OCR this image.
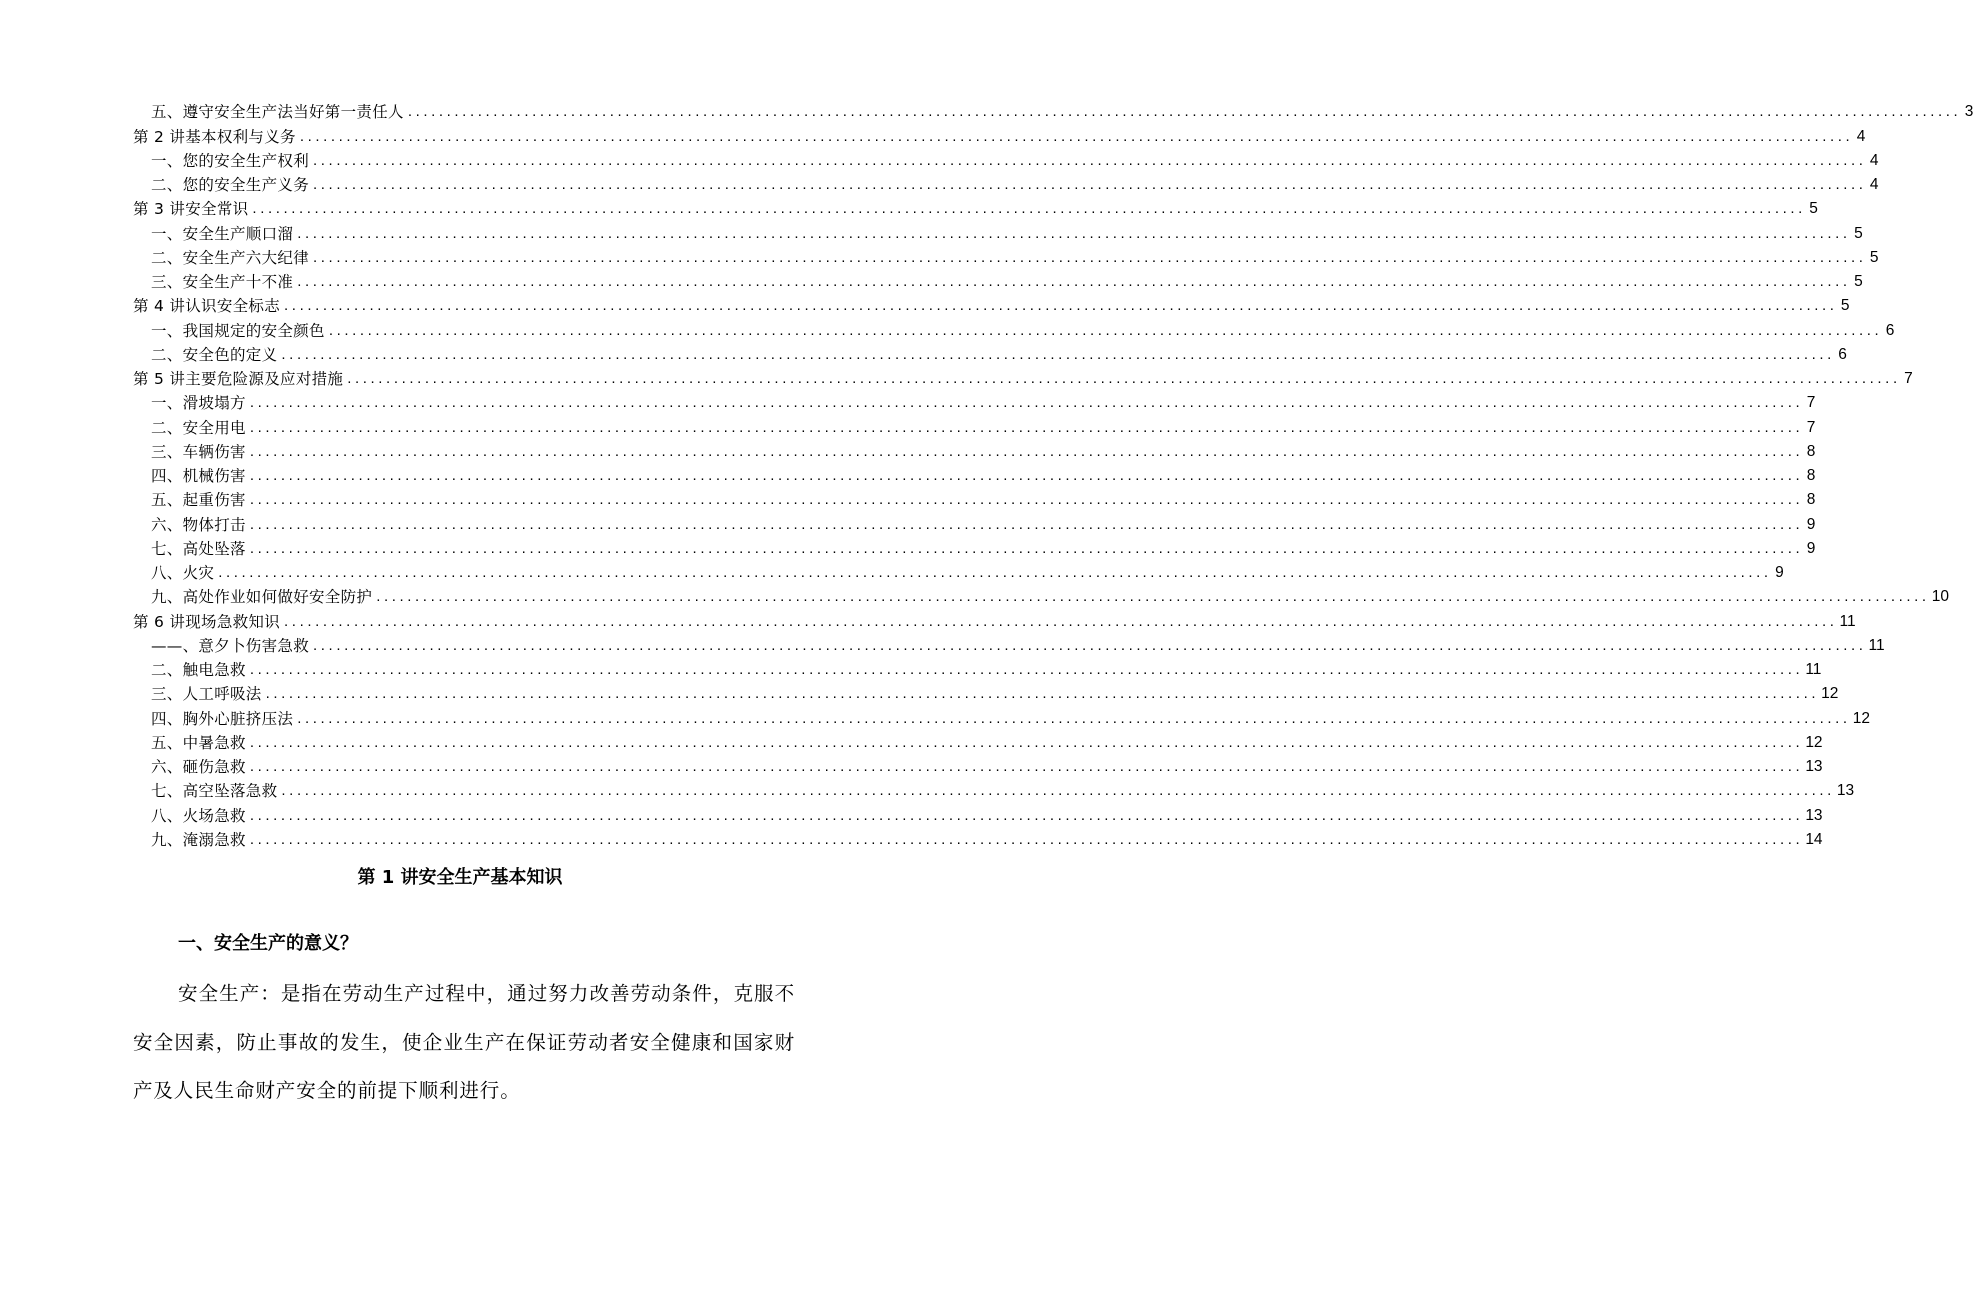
五、遵守安全生产法当好第一责任人 ........................................................................................................................................................................................................ 3
第 2 讲基本权利与义务 ........................................................................................................................................................................................................ 4
一、您的安全生产权利 ........................................................................................................................................................................................................ 4
二、您的安全生产义务 ........................................................................................................................................................................................................ 4
第 3 讲安全常识 ........................................................................................................................................................................................................ 5
一、安全生产顺口溜 ........................................................................................................................................................................................................ 5
二、安全生产六大纪律 ........................................................................................................................................................................................................ 5
三、安全生产十不准 ........................................................................................................................................................................................................ 5
第 4 讲认识安全标志 ........................................................................................................................................................................................................ 5
一、我国规定的安全颜色 ........................................................................................................................................................................................................ 6
二、安全色的定义 ........................................................................................................................................................................................................ 6
第 5 讲主要危险源及应对措施 ........................................................................................................................................................................................................ 7
一、滑坡塌方 ........................................................................................................................................................................................................ 7
二、安全用电 ........................................................................................................................................................................................................ 7
三、车辆伤害 ........................................................................................................................................................................................................ 8
四、机械伤害 ........................................................................................................................................................................................................ 8
五、起重伤害 ........................................................................................................................................................................................................ 8
六、物体打击 ........................................................................................................................................................................................................ 9
七、高处坠落 ........................................................................................................................................................................................................ 9
八、火灾 ........................................................................................................................................................................................................ 9
九、高处作业如何做好安全防护 ........................................................................................................................................................................................................ 10
第 6 讲现场急救知识 ........................................................................................................................................................................................................ 11
——、意夕卜伤害急救 ........................................................................................................................................................................................................ 11
二、触电急救 ........................................................................................................................................................................................................ 11
三、人工呼吸法 ........................................................................................................................................................................................................ 12
四、胸外心脏挤压法 ........................................................................................................................................................................................................ 12
五、中暑急救 ........................................................................................................................................................................................................ 12
六、砸伤急救 ........................................................................................................................................................................................................ 13
七、高空坠落急救 ........................................................................................................................................................................................................ 13
八、火场急救 ........................................................................................................................................................................................................ 13
九、淹溺急救 ........................................................................................................................................................................................................ 14
第 1 讲安全生产基本知识
一、安全生产的意义？
安全生产：是指在劳动生产过程中，通过努力改善劳动条件，克服不安全因素，防止事故的发生，使企业生产在保证劳动者安全健康和国家财产及人民生命财产安全的前提下顺利进行。
